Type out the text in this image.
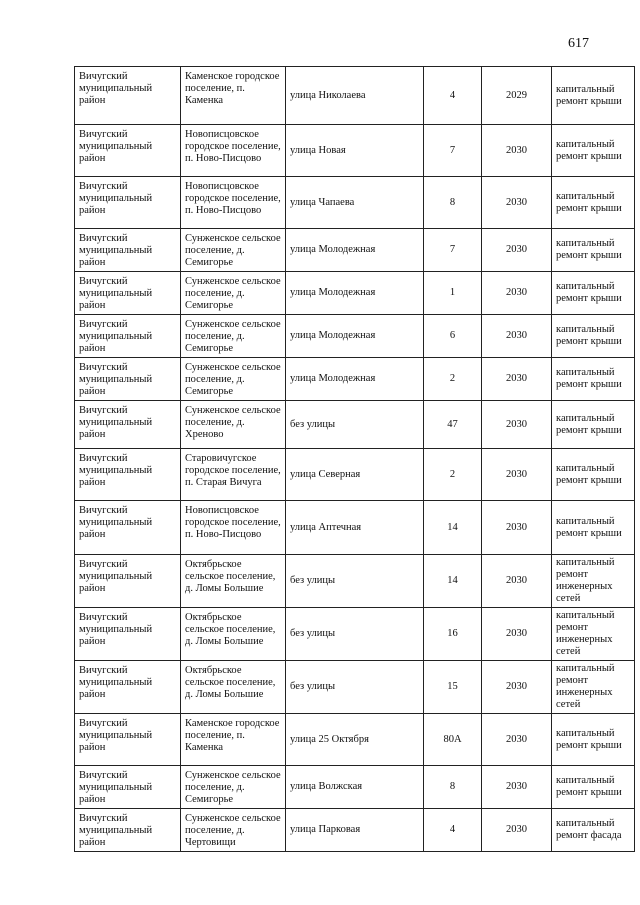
617
Вичугский муниципальный район	Каменское городское поселение, п. Каменка	улица Николаева	4	2029	капитальный ремонт крыши
Вичугский муниципальный район	Новописцовское городское поселение, п. Ново-Писцово	улица Новая	7	2030	капитальный ремонт крыши
Вичугский муниципальный район	Новописцовское городское поселение, п. Ново-Писцово	улица Чапаева	8	2030	капитальный ремонт крыши
Вичугский муниципальный район	Сунженское сельское поселение, д. Семигорье	улица Молодежная	7	2030	капитальный ремонт крыши
Вичугский муниципальный район	Сунженское сельское поселение, д. Семигорье	улица Молодежная	1	2030	капитальный ремонт крыши
Вичугский муниципальный район	Сунженское сельское поселение, д. Семигорье	улица Молодежная	6	2030	капитальный ремонт крыши
Вичугский муниципальный район	Сунженское сельское поселение, д. Семигорье	улица Молодежная	2	2030	капитальный ремонт крыши
Вичугский муниципальный район	Сунженское сельское поселение, д. Хреново	без улицы	47	2030	капитальный ремонт крыши
Вичугский муниципальный район	Старовичугское городское поселение, п. Старая Вичуга	улица Северная	2	2030	капитальный ремонт крыши
Вичугский муниципальный район	Новописцовское городское поселение, п. Ново-Писцово	улица Аптечная	14	2030	капитальный ремонт крыши
Вичугский муниципальный район	Октябрьское сельское поселение, д. Ломы Большие	без улицы	14	2030	капитальный ремонт инженерных сетей
Вичугский муниципальный район	Октябрьское сельское поселение, д. Ломы Большие	без улицы	16	2030	капитальный ремонт инженерных сетей
Вичугский муниципальный район	Октябрьское сельское поселение, д. Ломы Большие	без улицы	15	2030	капитальный ремонт инженерных сетей
Вичугский муниципальный район	Каменское городское поселение, п. Каменка	улица 25 Октября	80А	2030	капитальный ремонт крыши
Вичугский муниципальный район	Сунженское сельское поселение, д. Семигорье	улица Волжская	8	2030	капитальный ремонт крыши
Вичугский муниципальный район	Сунженское сельское поселение, д. Чертовищи	улица Парковая	4	2030	капитальный ремонт фасада
